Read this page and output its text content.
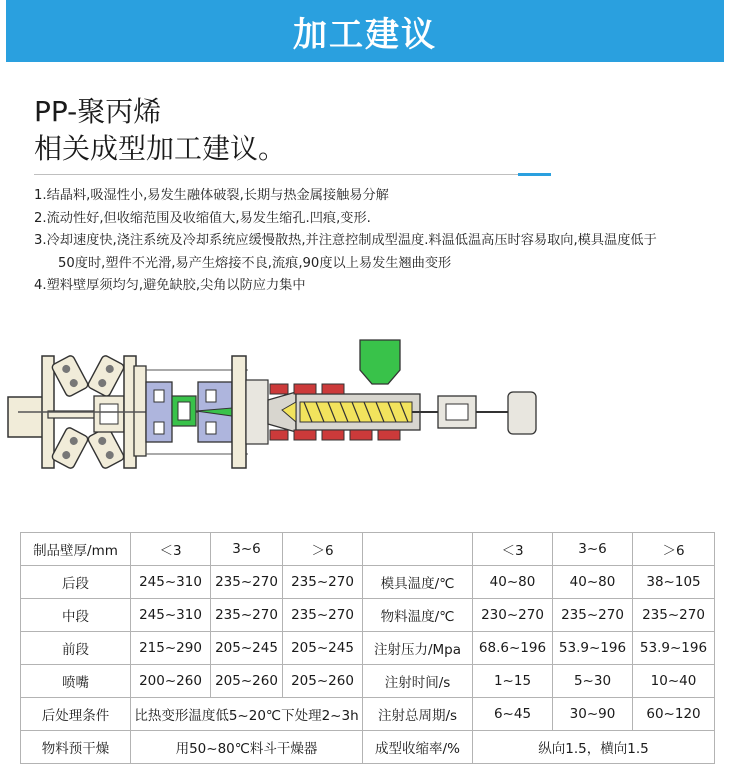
加工建议
PP-聚丙烯
相关成型加工建议。
1.结晶料,吸湿性小,易发生融体破裂,长期与热金属接触易分解
2.流动性好,但收缩范围及收缩值大,易发生缩孔.凹痕,变形.
3.冷却速度快,浇注系统及冷却系统应缓慢散热,并注意控制成型温度.料温低温高压时容易取向,模具温度低于
50度时,塑件不光滑,易产生熔接不良,流痕,90度以上易发生翘曲变形
4.塑料壁厚须均匀,避免缺胶,尖角以防应力集中
制品壁厚/mm	＜3	3~6	＞6		＜3	3~6	＞6
后段	245~310	235~270	235~270	模具温度/℃	40~80	40~80	38~105
中段	245~310	235~270	235~270	物料温度/℃	230~270	235~270	235~270
前段	215~290	205~245	205~245	注射压力/Mpa	68.6~196	53.9~196	53.9~196
喷嘴	200~260	205~260	205~260	注射时间/s	1~15	5~30	10~40
后处理条件	比热变形温度低5~20℃下处理2~3h			注射总周期/s	6~45	30~90	60~120
物料预干燥	用50~80℃料斗干燥器			成型收缩率/%	纵向1.5，横向1.5		
